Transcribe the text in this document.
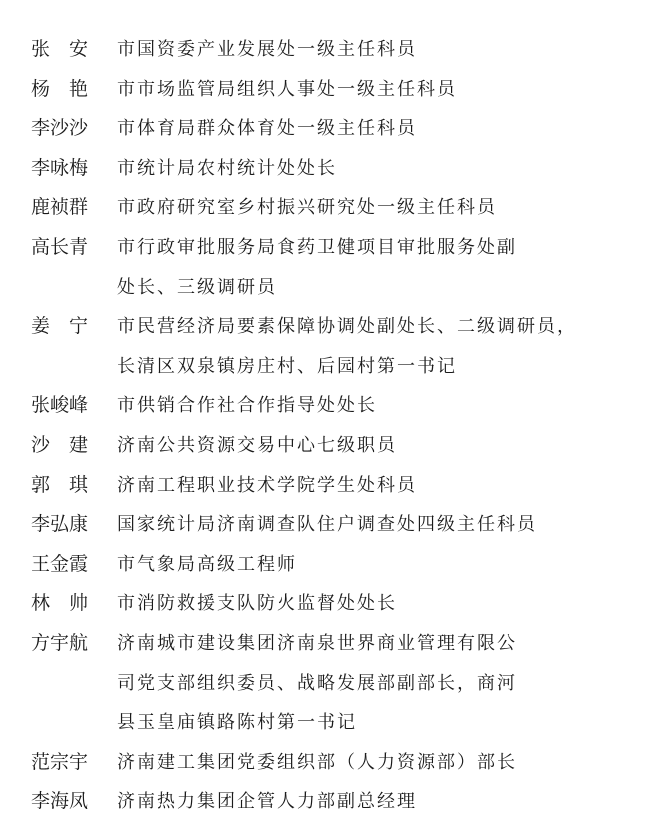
张安 市国资委产业发展处一级主任科员
杨艳 市市场监管局组织人事处一级主任科员
李沙沙	市体育局群众体育处一级主任科员
李咏梅	市统计局农村统计处处长
鹿祯群	市政府研究室乡村振兴研究处一级主任科员
高长青	市行政审批服务局食药卫健项目审批服务处副
处长、三级调研员
姜宁 市民营经济局要素保障协调处副处长、二级调研员，
长清区双泉镇房庄村、后园村第一书记
张峻峰	市供销合作社合作指导处处长
沙建 济南公共资源交易中心七级职员
郭琪 济南工程职业技术学院学生处科员
李弘康	国家统计局济南调查队住户调查处四级主任科员
王金霞	市气象局高级工程师
林帅 市消防救援支队防火监督处处长
方宇航	济南城市建设集团济南泉世界商业管理有限公
司党支部组织委员、战略发展部副部长，商河
县玉皇庙镇路陈村第一书记
范宗宇	济南建工集团党委组织部（人力资源部）部长
李海凤	济南热力集团企管人力部副总经理
